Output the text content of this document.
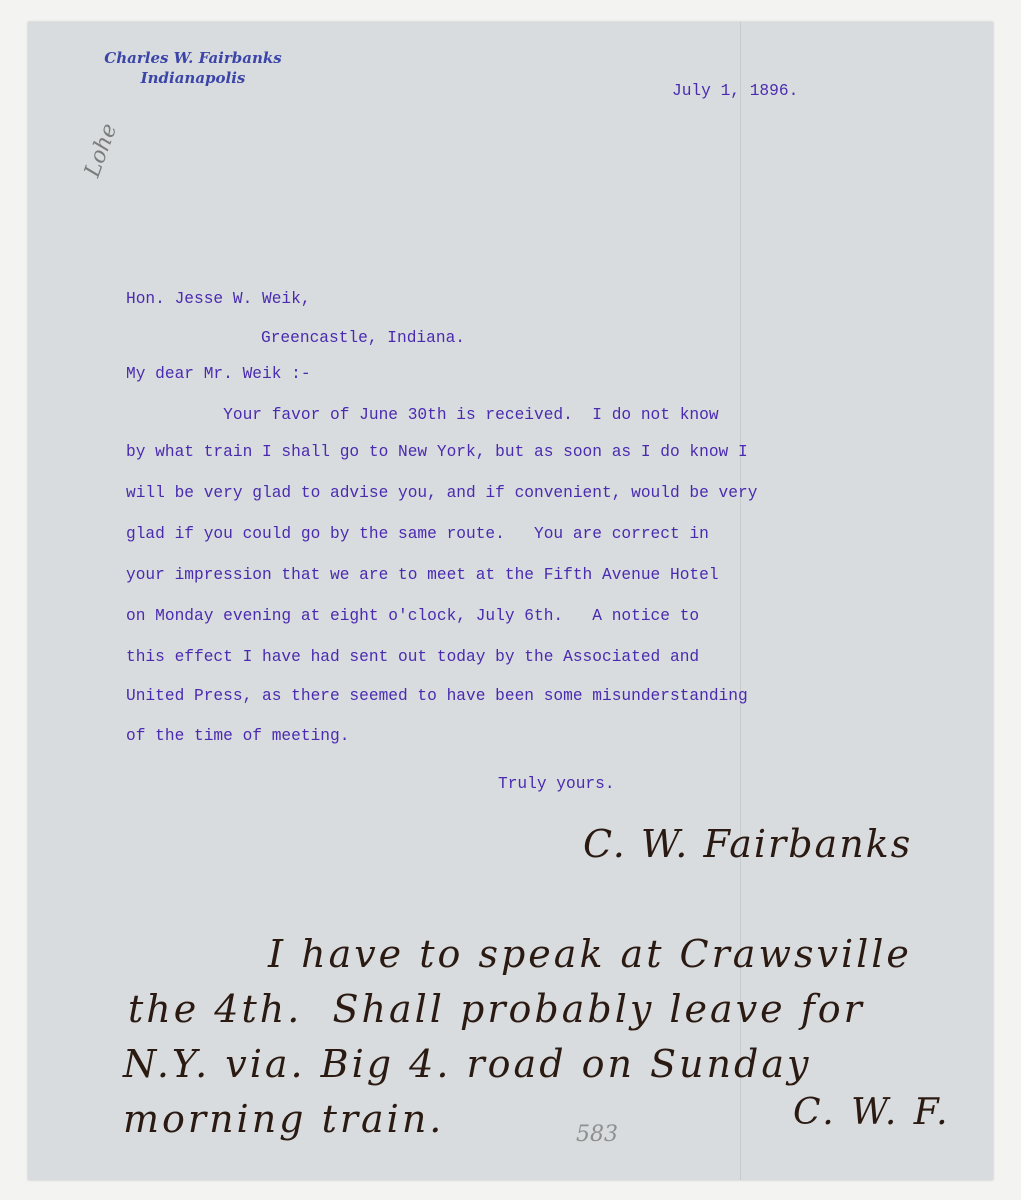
Charles W. Fairbanks
Indianapolis
July 1, 1896.
Lohe
Hon. Jesse W. Weik,
Greencastle, Indiana.
My dear Mr. Weik :-
Your favor of June 30th is received.  I do not know
by what train I shall go to New York, but as soon as I do know I
will be very glad to advise you, and if convenient, would be very
glad if you could go by the same route.   You are correct in
your impression that we are to meet at the Fifth Avenue Hotel
on Monday evening at eight o'clock, July 6th.   A notice to
this effect I have had sent out today by the Associated and
United Press, as there seemed to have been some misunderstanding
of the time of meeting.
Truly yours.
C. W. Fairbanks
I have to speak at Crawsville
the 4th.  Shall probably leave for
N.Y. via. Big 4. road on Sunday
morning train.	C. W. F.
583
